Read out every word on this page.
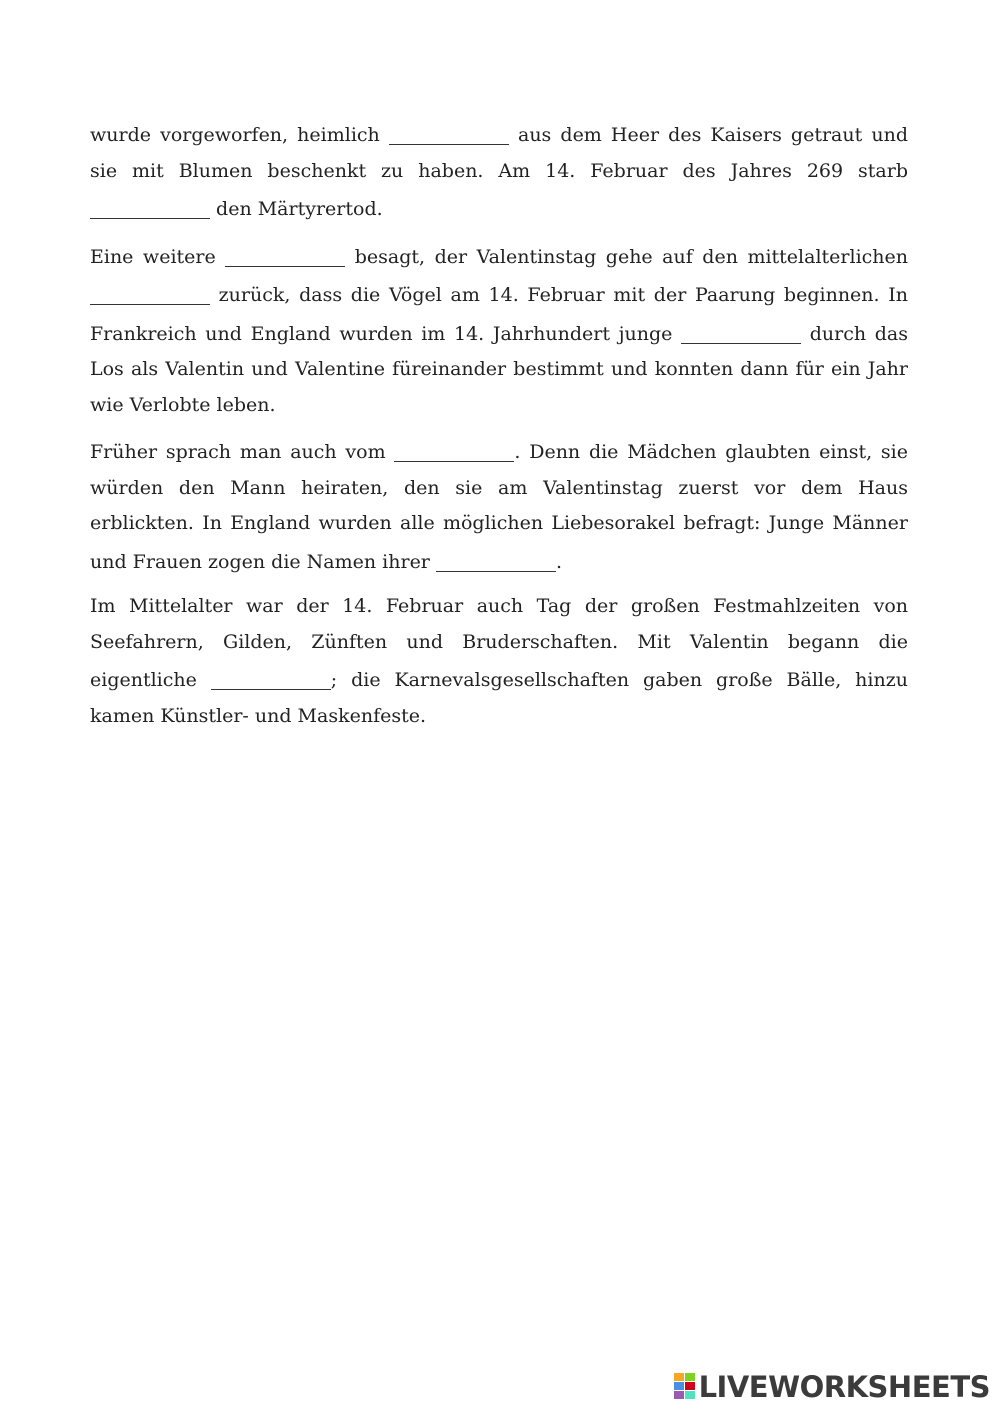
wurde vorgeworfen, heimlich	aus dem Heer des Kaisers getraut und sie mit Blumen beschenkt zu haben. Am 14. Februar des Jahres 269 starb  den Märtyrertod.

Eine weitere	besagt, der Valentinstag gehe auf den mittelalterlichen  zurück, dass die Vögel am 14. Februar mit der Paarung beginnen. In Frankreich und England wurden im 14. Jahrhundert junge	durch das Los als Valentin und Valentine füreinander bestimmt und konnten dann für ein Jahr wie Verlobte leben.

Früher sprach man auch vom	. Denn die Mädchen glaubten einst, sie würden den Mann heiraten, den sie am Valentinstag zuerst vor dem Haus erblickten. In England wurden alle möglichen Liebesorakel befragt: Junge Männer und Frauen zogen die Namen ihrer	.

Im Mittelalter war der 14. Februar auch Tag der großen Festmahlzeiten von Seefahrern, Gilden, Zünften und Bruderschaften. Mit Valentin begann die eigentliche	; die Karnevalsgesellschaften gaben große Bälle, hinzu kamen Künstler- und Maskenfeste.

LIVEWORKSHEETS
